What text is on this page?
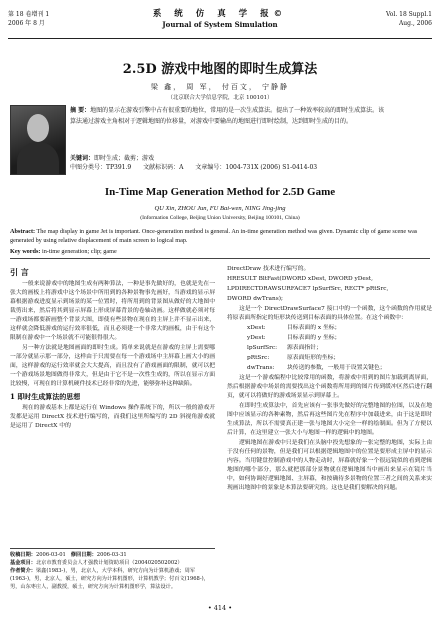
第 18 卷增刊 1
2006 年 8 月
系 统 仿 真 学 报©
Journal of System Simulation
Vol. 18 Suppl.1
Aug., 2006
2.5D 游戏中地图的即时生成算法
梁 鑫， 周 军， 付百文， 宁静静
（北京联合大学信息学院，北京 100101）
摘 要：地图的显示在游戏引擎中占有很重要的地位，常用的是一次生成算法。提出了一种效率较高的即时生成算法。该算法通过游戏主角相对于逻辑地图的位移量，对游戏中要输出的地图进行即时绘制，达到即时生成的目的。
关键词：即时生成；截剪；游戏
中图分类号：TP391.9 文献标识码：A 文章编号：1004-731X (2006) S1-0414-03
In-Time Map Generation Method for 2.5D Game
QU Xin, ZHOU Jun, FU Bai-wen, NING Jing-jing
(Information College, Beijing Union University, Beijing 100101, China)
Abstract: The map display in game Jet is important. Once-generation method is general. An in-time generation method was given. Dynamic clip of game scene was generated by using relative displacement of main screen to logical map.
Key words: in-time generation; clip; game
引 言

一般来说游戏中的地图生成有两种算法，一种是事先做好的，也就是先在一张大的画板上将游戏中这个场景中所用到的各种景物事先画好，当游戏的显示屏幕根据游戏进度显示到场景的某一位置时，将所用到的背景图从做好的大地图中裁剪出来，然后将其到显示屏幕上形成屏幕背景的卷轴动画。这样做就必须对每一游戏场都要新画整个背景大图，即使有些景物在现在的主屏上并不显示出来，这样就会降低游戏的运行效率很低，而且必须建一个非常大的画板，由于有这个限制在游戏中一个场景就不可能很得很大。

另一种方法就是地图画面的即时生成。简单来说就是在游戏的主屏上需要哪一部分就显示那一部分，这样由于只需要在每一个游戏场中主屏幕上画大小的画面，这样游戏的运行效率就会大大提高，而且没有了游戏画面的限制，就可以把一个游戏场景地图做得非常大，但是由于它不是一次性生成的，所以在显示方面比较慢，可现在的计算机硬件技术已经非常的先进，能够弥补这种缺陷。

1 即时生成算法的思想

现在的游戏基本上都是运行在 Windows 操作系统下的，所以一般的游戏开发都是运用 DirectX 技术进行编写的，而我们这里所编写的 2D 斜视角游戏就是运用了 DirectX 中的

DirectDraw 技术进行编写的。

HRESULT BltFast(DWORD xDest, DWORD yDest,

LPDIRECTDRAWSURFACE7 lpSurfSrc, RECT* pRtSrc,

DWORD dwTrans);

这是一个 DirectDrawSurface7 接口中的一个函数，这个函数的作用就是将原表面所指定的矩形块传送到目标表面的具体位置。在这个函数中：

xDest:	目标表面的 x 坐标；

yDest:	目标表面的 y 坐标；

lpSurfSrc: 源表面指针；

pRtSrc:	原表面矩形的坐标；

dwTrans: 块传送的参数，一般用于设置关键色；

这是一个游戏编程中比较常用的函数，将游戏中用到的图片加载到离屏面，然后根据游戏中场景的需要找出这个函数将所用到的图片传到缓冲区然后进行翻页，就可以将做好的游戏场景显示到屏幕上。

在即时生成算法中，首先应该有一张事先做好的完整地图的位图，以及在地图中应该显示的各种素物，然后再这些图片先在程序中加载进来，由于这是即时生成算法，所以不需要真正建一张与地图大小完全一样的绘制面。但为了方便以后计算，在这里建立一张大小与地图一样的逻辑中的地图。

逻辑地图在游戏中只是我们在头脑中投先想象的一张完整的地图，实际上由于没有任何的景物，但是我们可以根据逻辑地图中的位置是要形成主屏中的显示内容。当用键盘控制游戏中的人物走动时，屏幕就好象一个很远镜似的看到逻辑地图的哪个部分，那么就把那部分景物就在逻辑地图当中画出来显示在镜片当中，如何协调好逻辑地图、主屏幕，和按确待多景物的位置三者之间的关系来实现画出地图中的景象是本算法要研究的。这也是我们要解决的问题。

收稿日期：2006-03-01 修回日期：2006-03-31
基金项目：北京市教育委员会人才强教计划资助项目（2004020502002）
作者简介：梁鑫(1983-)，男，北京人，大学本科，研究方向为计算机游戏；周军(1963-)，男，北京人，硕士，研究方向为计算机图形，计算机教学；付百文(1968-)，男，山东枣庄人，副教授，硕士，研究方向为计算机图形学，算法设计。
• 414 •
